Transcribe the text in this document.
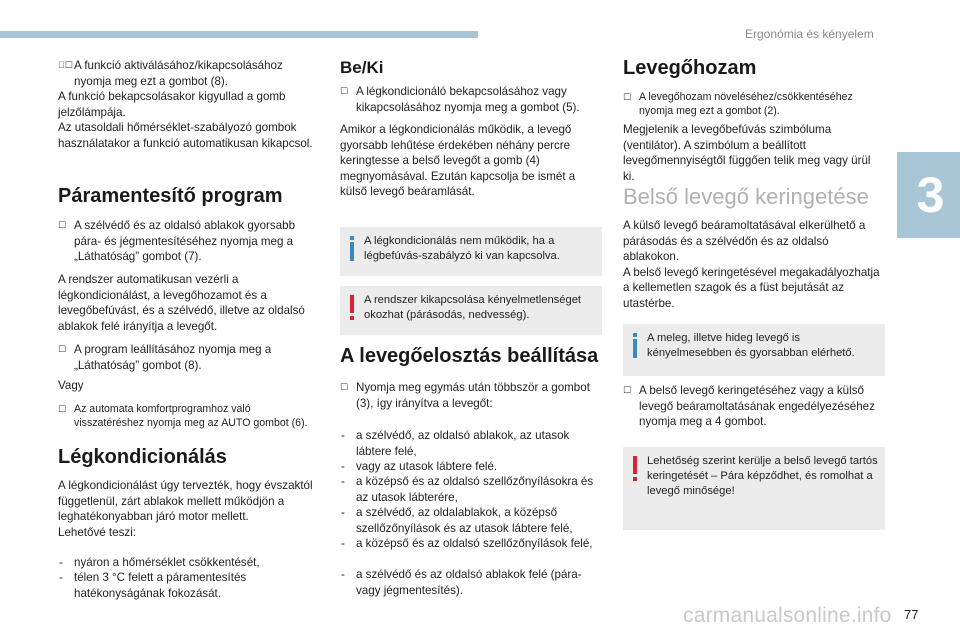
Ergonómia és kényelem
3
☐ A funkció aktiválásához/kikapcsolásához nyomja meg ezt a gombot (8).

A funkció bekapcsolásakor kigyullad a gomb jelzőlámpája.
Az utasoldali hőmérséklet-szabályozó gombok használatakor a funkció automatikusan kikapcsol.

Páramentesítő program
☐ A szélvédő és az oldalsó ablakok gyorsabb pára- és jégmentesítéséhez nyomja meg a „Láthatóság” gombot (7).

A rendszer automatikusan vezérli a légkondicionálást, a levegőhozamot és a levegőbefúvást, és a szélvédő, illetve az oldalsó ablakok felé irányítja a levegőt.

☐ A program leállításához nyomja meg a „Láthatóság” gombot (8).

Vagy

☐ Az automata komfortprogramhoz való visszatéréshez nyomja meg az AUTO gombot (6).
Légkondicionálás

A légkondicionálást úgy tervezték, hogy évszaktól függetlenül, zárt ablakok mellett működjön a leghatékonyabban járó motor mellett.
Lehetővé teszi:

- nyáron a hőmérséklet csökkentését,
- télen 3 °C felett a páramentesítés hatékonyságának fokozását.
Be/Ki
☐ A légkondicionáló bekapcsolásához vagy kikapcsolásához nyomja meg a gombot (5).

Amikor a légkondicionálás működik, a levegő gyorsabb lehűtése érdekében néhány percre keringtesse a belső levegőt a gomb (4) megnyomásával. Ezután kapcsolja be ismét a külső levegő beáramlását.

A légkondicionálás nem működik, ha a légbefúvás-szabályzó ki van kapcsolva.
A rendszer kikapcsolása kényelmetlenséget okozhat (párásodás, nedvesség).
A levegőelosztás beállítása
☐ Nyomja meg egymás után többször a gombot (3), így irányítva a levegőt:
- a szélvédő, az oldalsó ablakok, az utasok lábtere felé,
- vagy az utasok lábtere felé.
- a középső és az oldalsó szellőzőnyílásokra és az utasok lábterére,
- a szélvédő, az oldalablakok, a középső szellőzőnyílások és az utasok lábtere felé,
- a középső és az oldalsó szellőzőnyílások felé,
- a szélvédő és az oldalsó ablakok felé (pára-vagy jégmentesítés).
Levegőhozam
☐ A levegőhozam növeléséhez/csökkentéséhez nyomja meg ezt a gombot (2).

Megjelenik a levegőbefúvás szimbóluma (ventilátor). A szimbólum a beállított levegőmennyiségtől függően telik meg vagy ürül ki.

Belső levegő keringetése

A külső levegő beáramoltatásával elkerülhető a párásodás és a szélvédőn és az oldalsó ablakokon.
A belső levegő keringetésével megakadályozhatja a kellemetlen szagok és a füst bejutását az utastérbe.

A meleg, illetve hideg levegő is kényelmesebben és gyorsabban elérhető.
☐ A belső levegő keringetéséhez vagy a külső levegő beáramoltatásának engedélyezéséhez nyomja meg a 4 gombot.
Lehetőség szerint kerülje a belső levegő tartós keringetését – Pára képződhet, és romolhat a levegő minősége!
carmanualsonline.info 77
